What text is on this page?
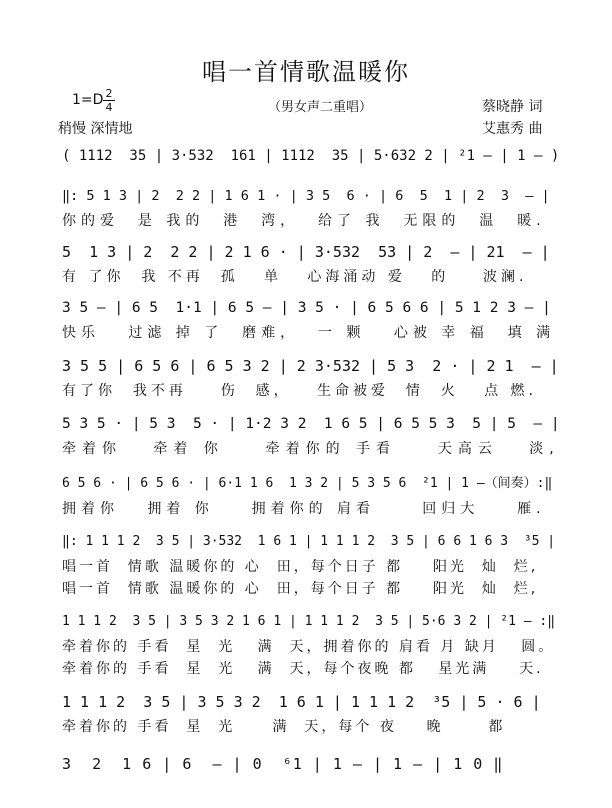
唱一首情歌温暖你
1=D 2
4
稍慢 深情地
（男女声二重唱）	蔡晓静 词
艾惠秀 曲
( 1112  35 | 3·532  161 | 1112  35 | 5·632 2 | ²1 — | 1 — )
‖: 5 1 3 | 2  2 2 | 1 6 1 · | 3 5  6 · | 6  5  1 | 2  3  — |
你的爱  是 我的  港  湾，  给了 我  无限的  温  暖.
5  1 3 | 2  2 2 | 2 1 6 · | 3·532  53 | 2  — | 21  — |
有 了你  我 不再  孤   单   心海涌动 爱   的    波澜.
3 5 — | 6 5  1·1 | 6 5 — | 3 5 · | 6 5 6 6 | 5 1 2 3 — |
快乐   过滤 掉 了  磨难，  一 颗   心被 幸 福  填 满
3 5 5 | 6 5 6 | 6 5 3 2 | 2 3·532 | 5 3  2 · | 2 1  — |
有了你  我不再    伤  感，   生命被爱  情  火   点 燃.
5 3 5 · | 5 3  5 · | 1·2 3 2  1 6 5 | 6 5 5 3  5 | 5  — |
牵着你   牵着 你    牵着你的 手看    天高云   淡,
6 5 6 · | 6 5 6 · | 6·1 1 6  1 3 2 | 5 3 5 6  ²1 | 1 —（间奏）:‖
拥着你   拥着 你    拥着你的 肩看     回归大    雁.
‖: 1 1 1 2  3 5 | 3·532  1 6 1 | 1 1 1 2  3 5 | 6 6 1 6 3  ³5 |
唱一首  情歌 温暖你的 心  田，每个日子 都    阳光  灿  烂,
唱一首  情歌 温暖你的 心  田，每个日子 都    阳光  灿  烂,
1 1 1 2  3 5 | 3 5 3 2 1 6 1 | 1 1 1 2  3 5 | 5·6 3 2 | ²1 — :‖
牵着你的 手看  星  光   满  天，拥着你的 肩看 月 缺月   圆。
牵着你的 手看  星  光   满  天，每个夜晚 都   星光满    天.
1 1 1 2  3 5 | 3 5 3 2  1 6 1 | 1 1 1 2  ³5 | 5 · 6 |
牵着你的 手看  星  光     满  天，每个 夜    晚      都
3  2  1 6 | 6  — | 0  ⁶1 | 1 — | 1 — | 1 0 ‖
